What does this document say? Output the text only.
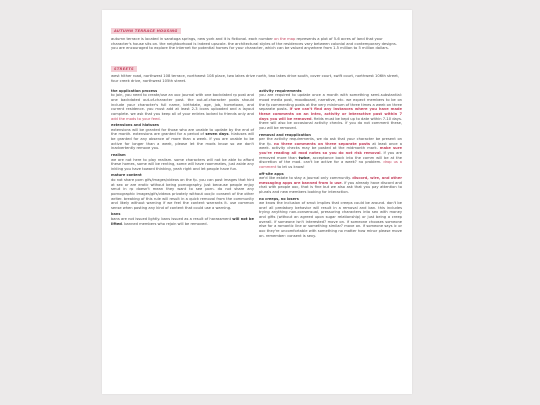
AUTUMN TERRACE HOUSING

autumn terrace is located in saratoga springs, new york and it is fictional. each number on the map represents a plot of 5-6 acres of land that your character's house sits on. the neighborhood is indeed upscale. the architectural styles of the residences vary between colonial and contemporary designs. you are encouraged to explore the internet for potential homes for your character, which can be valued anywhere from 1.5 million to 5 million dollars.

STREETS

west hither road, northwest 108 terrace, northwest 108 place, two lakes drive north, two lakes drive south, cover court, swift court, northwest 106th street, four creek drive, northwest 105th street.

the application process

to join, you need to create/use an ooc journal with one backdated rp post and one backdated out-of-character post. the out-of-character posts should include your character's full name, birthdate, age, job, hometown, and current residence. you must add at least 2-3 icons uploaded and a layout complete. we ask that you keep all of your entries locked to friends only and add the mods to your feed.

extensions and hiatuses

extensions will be granted for those who are unable to update by the end of the month. extensions are granted for a period of seven days. hiatuses will be granted for any absence of more than a week. if you are unable to be active for longer than a week, please let the mods know so we don't inadvertently remove you.

realism

we are not here to play realism. some characters will not be able to afford these homes, some will be renting, some will have roommates, just aside any inkling you have toward thinking, yeah right and let people have fun.

mature content

do not share porn gifs/images/videos on the fp. you can post images that hint at sex or are erotic without being pornography. just because people enjoy smut in rp doesn't mean they want to see porn. do not share any pornographic images/gifs/videos privately without ooc/ic consent of the other writer. breaking of this rule will result in a quick removal from the community and likely without warning if we feel the content warrants it. use common sense when posting any kind of content that could use a warning.

bans

bans are not issued lightly. bans issued as a result of harassment will not be lifted. banned members who rejoin will be removed.

activity requirements

you are required to update once a month with something semi-substantial: mood media post, moodboard, narrative, etc. we expect members to be on the fp commenting posts at the very minimum of three times a week on three separate posts. if we can't find any instances where you have made these comments on an intro, activity or interactive post within 7 days you will be removed. fields must be kept up to date within 7-10 days. there will also be occasional activity checks. if you do not comment these, you will be removed.

removal and reapplication

per the activity requirements, we do ask that your character be present on the fp. no three comments on three separate posts at least once a week. activity checks may be posted at the midmonth mark. make sure you're reading all mod notes so you do not risk removal. if you are removed more than twice, acceptance back into the comm will be at the discretion of the mod. can't be active for a week? no problem. drop us a comment to let us know!

off-site apps

we'd like estate to stay a journal only community. discord, wire, and other messaging apps are banned from ic use. if you already have discord and chat with people ooc, that is fine but we also ask that you pay attention to plurals and new members looking for interaction.

no creeps, no losers

we know the inclusion of smut implies that creeps could be around. don't be one! all predatory behavior will result in a removal and ban. this includes trying anything non-consensual, pressuring characters into sex with money and gifts (without an agreed upon sugar relationship) or just being a creep overall. if someone isn't interested? move on. if someone chooses someone else for a romantic line or something similar? move on. if someone says ic or ooc they're uncomfortable with something no matter how minor please move on. remember: consent is sexy.
